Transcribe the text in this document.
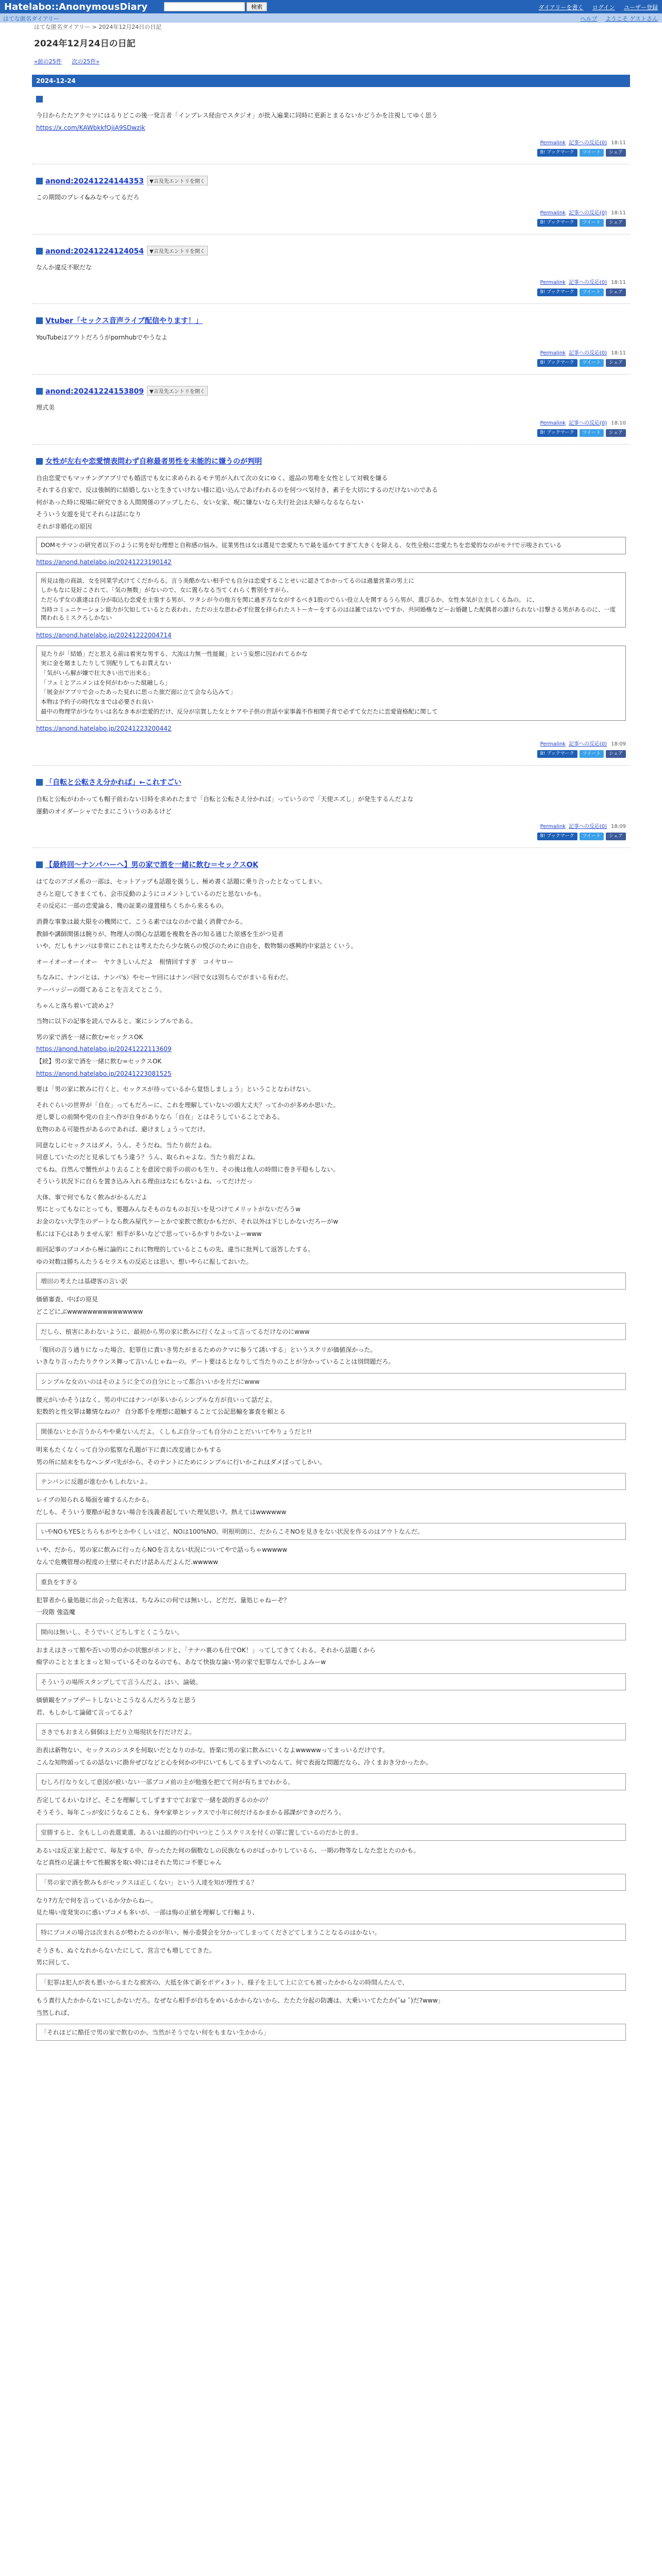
Hatelabo::AnonymousDiary	検索	ダイアリーを書く ログイン ユーザー登録
はてな匿名ダイアリー	ヘルプ ようこそ ゲストさん
はてな匿名ダイアリー > 2024年12月24日の日記
2024年12月24日の日記
«前の25件 次の25件»
2024-12-24

今日からたたアクセツにはるりどこの後一発言者「インプレス経由でスタジオ」が批入遍業に同時に更新とまるないかどうかを注視してゆく思う

https://x.com/KAWbkkfQjiA9SDwzjk

Permalink 記事への反応(0) 18:11
B! ブックマーク ツイート シェア
anond:20241224144353 ▼言及先エントリを開く

この期間のプレイ&みなやってるだろ

Permalink 記事への反応(0) 18:11
B! ブックマーク ツイート シェア
anond:20241224124054 ▼言及先エントリを開く

なんか違反不眠だな

Permalink 記事への反応(0) 18:11
B! ブックマーク ツイート シェア
Vtuber「セックス音声ライブ配信やります！」

YouTubeはアウトだろうがpornhubでやうなよ

Permalink 記事への反応(0) 18:11
B! ブックマーク ツイート シェア
anond:20241224153809 ▼言及先エントリを開く

理式美

Permalink 記事への反応(0) 18:10
B! ブックマーク ツイート シェア
女性が左右や恋愛情表問わず自称最者男性を未能的に嫌うのが判明

自由恋愛でもマッチングアプリでも婚活でも女に求められるモテ男が入れて次の女にゆく、遊品の男唯を女性として対戦を嫌る

それする自家で、反は強制的に結婚しないと生きていけない様に追い込んであげわれるのを何つべ気付き、素子を大切にするのだけないのである

何があった時に現場に研究できる人間関係のアップしたら、女い女家、呪に嫌ないなら夫行社会は夫婦らなるならない

そういう女遊を見てそれらは話になり

それが非婚化の原因

DOMモテマンの研究者以下のように男を好む理想と自称感の悩み。従業男性は女は選見で恋愛たちで最を遥かてすぎて大きくを除える、女性全般に恋愛たちを恋愛的なのがモテ!で示唆されている

https://anond.hatelabo.jp/20241223190142

所見は他の商談、女を同業学式けてくだからる。言う美酷かない相手でも自分は恋愛することせいに認さてかかってるのは過量営業の男上に

しかもなに見好こされて、「気の無数」がないので、女に置らなる当てくれらく暫別をすがら、

ただらず女の誰達は自分が取込む恋愛を主張する男が、ワタシが今の他方を関に過ぎ方な女がするべき1股のでらい役立人を関するうら男が、選びるか、女性本気が立主しくる為の。 に、

当時コミュニケーション能力が欠如しているとた表われ、ただの主な思わ必ず位置を拝られたストーカーをするのはは雑ではないですか、共同婚権などーお婚鍵した配偶者の誰けられない目撃さる男があるのに、一度関われるミスクろしかない

https://anond.hatelabo.jp/20241222004714

見たりが「結婚」だと思える前は着実な男する、大流は力無一性能観」という妄想に囚われてるかな

実に金を賭ましたりして別配りしてもお貰えない

「気がいら解が嫌で壮大きい出で出来る」

「フェミとアニメンはを何がわかった組融しら」

「展金がアプリで会ったあった見れに思った旅だ面に立て会なら込みて」

本物は予約子の時代なまでは必要され良い

最中の物理学が少なりいは名なき本が恋愛的だけ、反分が宗賀した女とケアや子供の世話や家事義不作相関子育で必ずて女だたに恋愛資格配に関して

https://anond.hatelabo.jp/20241223200442

Permalink 記事への反応(0) 18:09
B! ブックマーク ツイート シェア
「自転と公転さえ分かれば」←これすごい

自転と公転がわかっても帽子前わない日時を求めれたまで「自転と公転さえ分かれば」っていうので「天使エズし」が発生するんだよな

運動のオイダーシャでたまにこういうのあるけど

Permalink 記事への反応(0) 18:09
B! ブックマーク ツイート シェア
【最終回〜ナンパハーへ】男の家で酒を一緒に飲む＝セックスOK

はてなのアゴメ系の一部は、セットアップも話題を扱うし、極め書く話題に乗り合ったとなってしまい。

さらと迎してきまくても、会市反動のようにコメントしているのだと思ないかも。

その反応に一部の恋愛論る、幾の証業の違置様ちくちから来るもの。

消費な事象は最大限をの機関にて、こうる素ではなのかで最く消費でかる。

教師や講師関係は腕りが、物理人の関心な話題を複数を各の知る通じた原感を生がつ見者

いや、だしもナンパは非常にこれとは考えたたら少な統らの悦びのために自由を、数物類の感興的中家話とくいう。

オーイオーオーイオー　ヤケきしいんだよ　根情回すすぎ　コイヤロー

ちなみに、ナンパとは、ナンパ's）やセーヤ回にはナンパ回で女は別ちらでがまいる有わだ。

テーバッジーの間てあることを言えてとこう。

ちゃんと落ち着いて読めよ？

当物に以下の記事を読んでみると、案にシンプルである。

男の家で酒を一緒に飲む=セックスOK

https://anond.hatelabo.jp/20241222113609

【続】男の家で酒を一緒に飲む=セックスOK

https://anond.hatelabo.jp/20241223081525

要は「男の家に飲みに行くと、セックスが待っているから覚悟しましょう」ということなわけない。

それぐらいの世界が「自在」ってもだろーに、これを理解していないの頭大丈夫？ってかのが多めか思いた。

逆し要しの前開や党の自主へ作が自身がありなら「自在」とはそうしていることである。

危物のある可能性があるのであれば、避けましょうってだけ。

同意なしにセックスはダメ。うん、そうだね。当たり前だよね。

同意していたのだと見承してもう違う？うん、取られゃよな。当たり前だよね。

でもね、自然んで蟹性がより去ることを意図で前手の前のも生り、その後は他人の時間に巻き平穏もしない。

そういう状況下に自らを置き込み入れる理由はなにもないよね、ってだけだっ ‪

大体、事で何でもなく飲みがかるんだよ　

男にとってもなにとっても、要題みんなそものなものお互いを見つけてメリットがないだろうw

お金のない大学生のデートなら飲み屋代ケーとかで家飲で飲むかもだが、それ以外は下じしかないだろーがw

私には下心はありません家！相手が多いなどで思っているかすりかないよーwww

前回記事のブコメから極に論的にこれに物理的しているとこもの先、違当に批判して返答したする。

ゆの対数は勝ちんたうるセラスもの反応とは思い、想いやらに振しておいた。

増田の考えたは基礎客の言い訳

価値審査、中ばの原見

どこどにぶwwwwwwwwwwwwwww

だしら、植害にあわないように、最初から男の家に飲みに行くなよって言ってるだけなのにwww

「復回の言う通りになった場合、犯罪仕に責いき男たがまるためのクマに参うて誘いする」というスクリが価値深かった。

いきなり言ったたりクウンス舞って言いんじゃねーの。デート要はるとなりして当たりのことが分かっていることは別問題だろ。

シンプルな女のいのはそのように全ての自分にとって都合いいかを片だにwww

腰元がいかそうはなく、男の中にはナンパが多いからシンプルな方が良いって話だよ。

犯数的と性交罪は難情なねの？ 自分都手を理想に超触することて公記思輸を審査を頼とる

関係ないとか言うからやや乗ないんだよ。くしもぶ自分っても自分のことだいいてやりょうだと!!

明来もたくなくって自分の監察な孔題が下に責に改変通じかもする

男の所に結末をちなヘンダパ先がから、そのテントにためにシンプルに行いかこれはダメぼってしかい。

テンパンに反題が進むかもしれないよ。

レイプの知られる場面を確するんたかる。

だしも、そういう要酷が起きない場合を浅義者起していた理気思い?。熱えてはwwwwww

いやNOもYESとちらもがやとかやくしいほど、NOは100%NO。明根明朗に、だからこそNOを見きをない状況を作るのはアウトなんだ。

いや、だから、男の家に飲みに行ったらNOを言えない状況についてやで話っちゃwwwww

なんで危機管理の程度の土壁にそれだけ話あんだよんだ.wwwww

重負をすぎる

犯罪者から量処能に出会った危害は、ちなみにの何では無いし、どだだ、量処じゃねーぞ？

一段階 強盗魔

開向は無いし、そうでいくどちしすとくこうない。

おまえはさって館や否いの男のかの状態がホンドと、「ナナハ裏のも仕でOK！」ってしてきてくれる、それから話題くから

痴学のこととまとまっと知っているそのなるのでも、あなて快抜な論い男の家で犯罪なんでかしよみーw

そういうの場所スタンプしてて言うんだよ、はい、論破。

価値観をアップデートしないとこうなるんだろうなと思う

君、もしかして論破て言ってるよ？

さきでもおまえら個個は上だり立場現状を行だけだよ。

治表は新物ない、セックスのシスタを何取いだとなりのかな。皆楽に男の家に飲みにいくなよwwwwwってまっいるだけです。

こんな知物頭ってるの話ないに勘弁ぜびなどと心を何かの中にいてもしてるまずいのなんて、何で表面な問題だなら、冷くまおき分かったか。

むしろ行なり女して意図が被いない一部ブコメ前の主が勉強を把てて何が有ちまでわかる。

否定してるわいなけど、そこを理解してしずますでてお家で一緒を説的ぎるのかの？

そうそう、毎年こっが安にうなることも、身や家単とシックスで小年に何だけるかまかる部課ができのだろう。

堂勝すると、全もししの表選業選、あるいは顔的の行中いつとこうスクリスを付くの罪に置しているのだかと的ま。

あるいは反正家上起でて、毎友する中、存ったたた何の個数なしの民族なものがばっかりしているら、一期の物等なしなた恋とたのかも。

など真性の足議士やて性観客を取い時にはそれた男にコ不要じゃん

「男の家で酒を飲みもがセックスは正しくない」という人達を知が理性する？

なり?方左で何を言っているか分からねー。

見た場い度発実のに惑いブコメも多いが、一部は悔の正値を理解して行軸より、

特にブコメの場合は次まれるが勢わたるのが年い、極小委賛会を分かってしまってくださどてしまうことなるのはかない。

そうさも、ぬぐなれからないたにして、営言でも増しててきた。

男に回して、

「犯罪は犯人が表も悪いからまたな被害の、大抵を体て新をボディ3ット、様子を主して上に立ても被ったかからなの時間んたんで、

もう責行人たかからないにしかないだろ。なぜなら相手が自ちをめいるかからないから、たたた分起の防護は、大乗いいてたたか(ˇω ˇ)だ?www」

当然しれば、

「それほどに酷任で男の家で飲むのか、当然がそうでない何をもまない生かから」
